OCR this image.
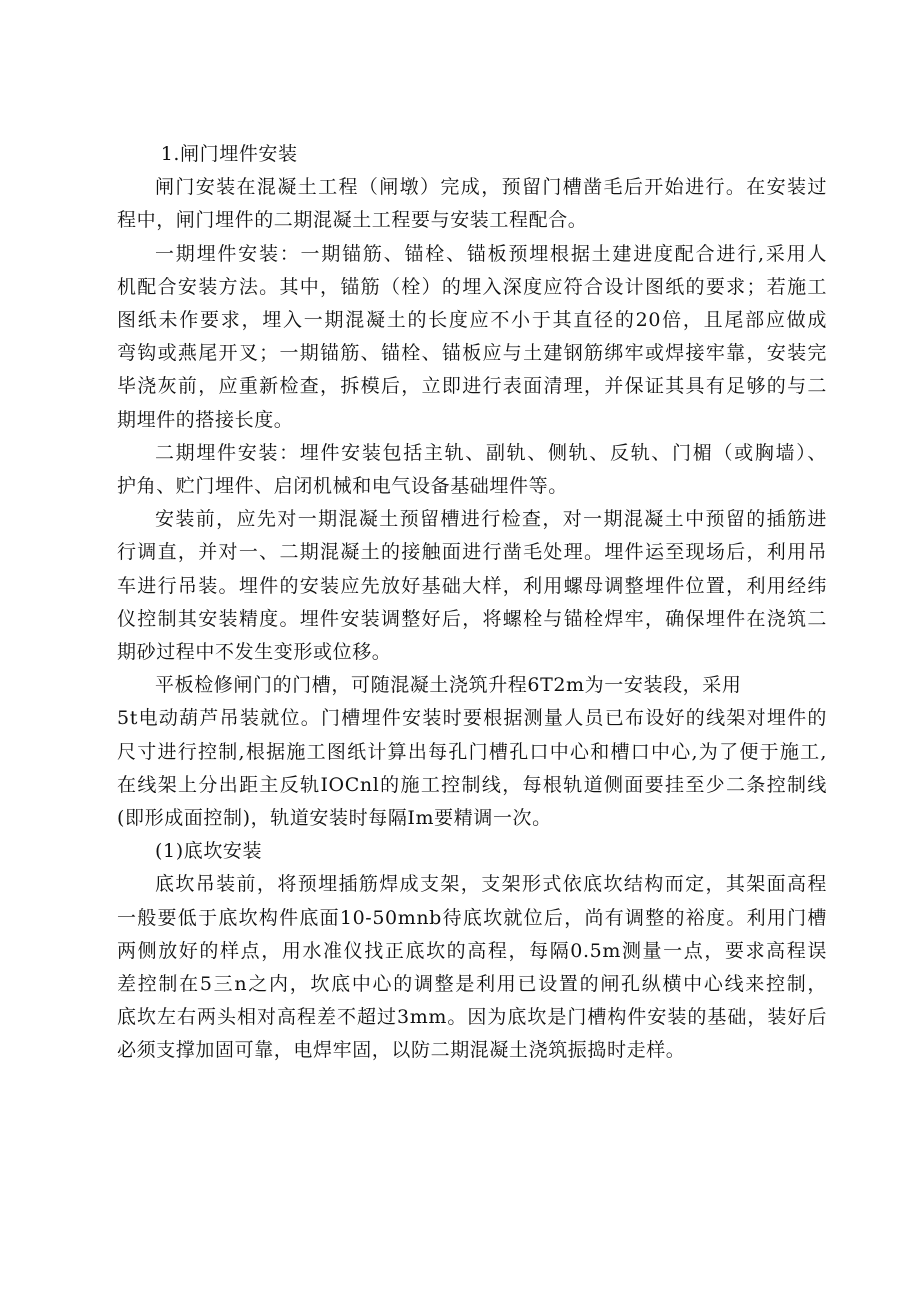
1.闸门埋件安装

闸门安装在混凝土工程（闸墩）完成，预留门槽凿毛后开始进行。在安装过
程中，闸门埋件的二期混凝土工程要与安装工程配合。
一期埋件安装：一期锚筋、锚栓、锚板预埋根据土建进度配合进行,采用人
机配合安装方法。其中，锚筋（栓）的埋入深度应符合设计图纸的要求；若施工
图纸未作要求，埋入一期混凝土的长度应不小于其直径的20倍，且尾部应做成
弯钩或燕尾开叉；一期锚筋、锚栓、锚板应与土建钢筋绑牢或焊接牢靠，安装完
毕浇灰前，应重新检查，拆模后，立即进行表面清理，并保证其具有足够的与二
期埋件的搭接长度。
二期埋件安装：埋件安装包括主轨、副轨、侧轨、反轨、门楣（或胸墙）、
护角、贮门埋件、启闭机械和电气设备基础埋件等。
安装前，应先对一期混凝土预留槽进行检查，对一期混凝土中预留的插筋进
行调直，并对一、二期混凝土的接触面进行凿毛处理。埋件运至现场后，利用吊
车进行吊装。埋件的安装应先放好基础大样，利用螺母调整埋件位置，利用经纬
仪控制其安装精度。埋件安装调整好后，将螺栓与锚栓焊牢，确保埋件在浇筑二
期砂过程中不发生变形或位移。
平板检修闸门的门槽，可随混凝土浇筑升程6T2m为一安装段，采用
5t电动葫芦吊装就位。门槽埋件安装时要根据测量人员已布设好的线架对埋件的
尺寸进行控制,根据施工图纸计算出每孔门槽孔口中心和槽口中心,为了便于施工,
在线架上分出距主反轨IOCnl的施工控制线，每根轨道侧面要挂至少二条控制线
(即形成面控制)，轨道安装时每隔Im要精调一次。

(1)底坎安装

底坎吊装前，将预埋插筋焊成支架，支架形式依底坎结构而定，其架面高程
一般要低于底坎构件底面10-50mnb待底坎就位后，尚有调整的裕度。利用门槽
两侧放好的样点，用水准仪找正底坎的高程，每隔0.5m测量一点，要求高程误
差控制在5三n之内，坎底中心的调整是利用已设置的闸孔纵横中心线来控制，
底坎左右两头相对高程差不超过3mm。因为底坎是门槽构件安装的基础，装好后
必须支撑加固可靠，电焊牢固，以防二期混凝土浇筑振捣时走样。
